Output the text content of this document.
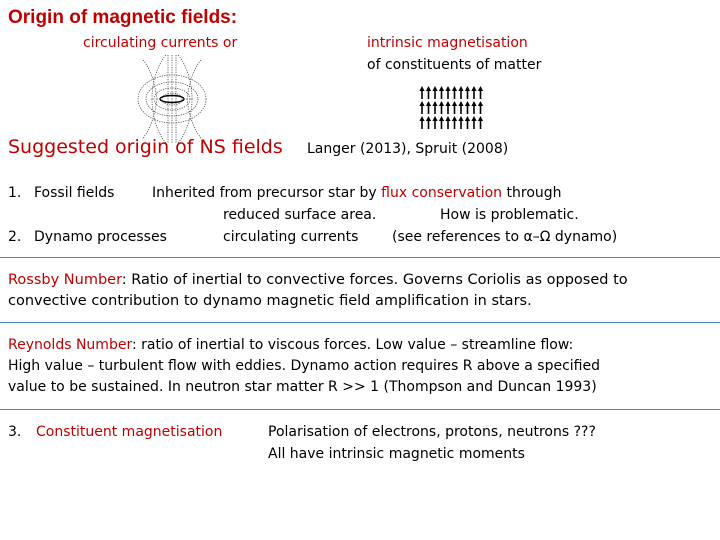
Origin of magnetic fields:
circulating currents or	intrinsic magnetisation
of constituents of matter
Suggested origin of NS fields Langer (2013), Spruit (2008)
1. Fossil fields	Inherited from precursor star by flux conservation through
reduced surface area.	How is problematic.
2. Dynamo processes	circulating currents (see references to α–Ω dynamo)
Rossby Number: Ratio of inertial to convective forces. Governs Coriolis as opposed to
convective contribution to dynamo magnetic field amplification in stars.
Reynolds Number: ratio of inertial to viscous forces. Low value – streamline flow:
High value – turbulent flow with eddies. Dynamo action requires R above a specified
value to be sustained. In neutron star matter R >> 1 (Thompson and Duncan 1993)
3. Constituent magnetisation	Polarisation of electrons, protons, neutrons ???
All have intrinsic magnetic moments
